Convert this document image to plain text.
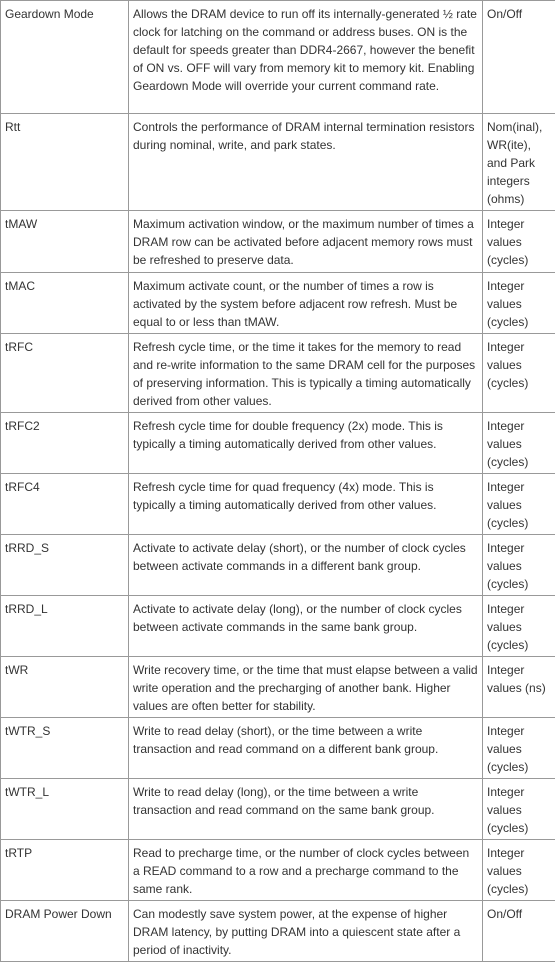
Geardown Mode	Allows the DRAM device to run off its internally-generated ½ rate clock for latching on the command or address buses. ON is the default for speeds greater than DDR4-2667, however the benefit of ON vs. OFF will vary from memory kit to memory kit. Enabling Geardown Mode will override your current command rate.	On/Off
Rtt	Controls the performance of DRAM internal termination resistors during nominal, write, and park states.	Nom(inal), WR(ite), and Park integers (ohms)
tMAW	Maximum activation window, or the maximum number of times a DRAM row can be activated before adjacent memory rows must be refreshed to preserve data.	Integer values (cycles)
tMAC	Maximum activate count, or the number of times a row is activated by the system before adjacent row refresh. Must be equal to or less than tMAW.	Integer values (cycles)
tRFC	Refresh cycle time, or the time it takes for the memory to read and re-write information to the same DRAM cell for the purposes of preserving information. This is typically a timing automatically derived from other values.	Integer values (cycles)
tRFC2	Refresh cycle time for double frequency (2x) mode. This is typically a timing automatically derived from other values.	Integer values (cycles)
tRFC4	Refresh cycle time for quad frequency (4x) mode. This is typically a timing automatically derived from other values.	Integer values (cycles)
tRRD_S	Activate to activate delay (short), or the number of clock cycles between activate commands in a different bank group.	Integer values (cycles)
tRRD_L	Activate to activate delay (long), or the number of clock cycles between activate commands in the same bank group.	Integer values (cycles)
tWR	Write recovery time, or the time that must elapse between a valid write operation and the precharging of another bank. Higher values are often better for stability.	Integer values (ns)
tWTR_S	Write to read delay (short), or the time between a write transaction and read command on a different bank group.	Integer values (cycles)
tWTR_L	Write to read delay (long), or the time between a write transaction and read command on the same bank group.	Integer values (cycles)
tRTP	Read to precharge time, or the number of clock cycles between a READ command to a row and a precharge command to the same rank.	Integer values (cycles)
DRAM Power Down	Can modestly save system power, at the expense of higher DRAM latency, by putting DRAM into a quiescent state after a period of inactivity.	On/Off
